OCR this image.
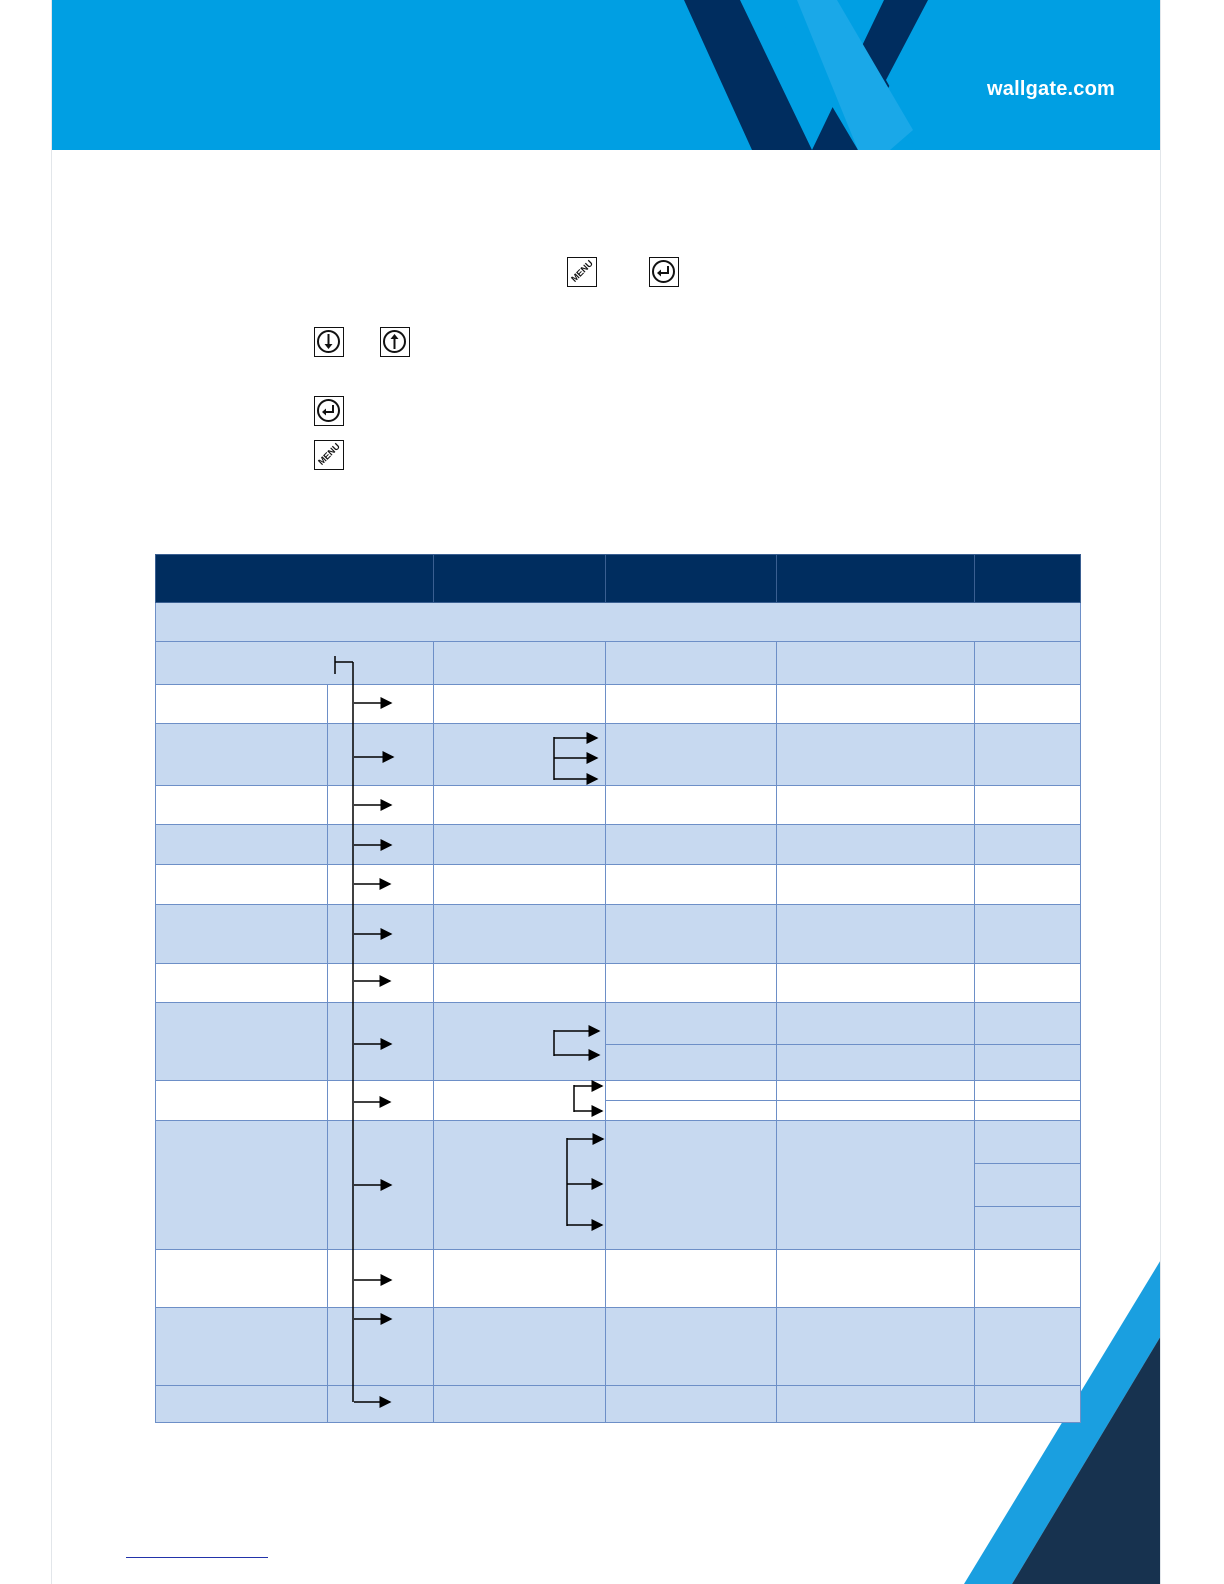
wallgate.com
MENU
MENU
